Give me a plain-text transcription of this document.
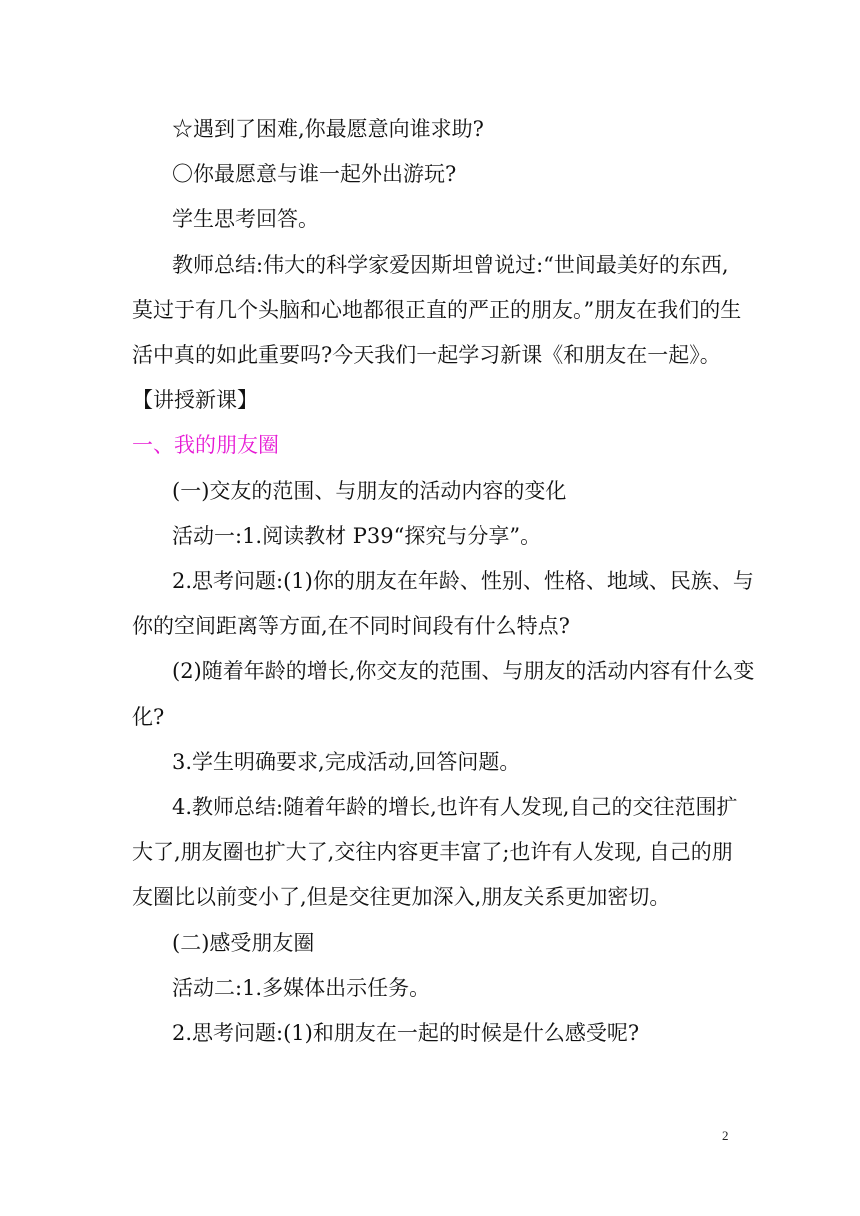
☆遇到了困难,你最愿意向谁求助?
〇你最愿意与谁一起外出游玩?
学生思考回答。
教师总结:伟大的科学家爱因斯坦曾说过:“世间最美好的东西,
莫过于有几个头脑和心地都很正直的严正的朋友。”朋友在我们的生
活中真的如此重要吗?今天我们一起学习新课《和朋友在一起》。
【讲授新课】
一、我的朋友圈
(一)交友的范围、与朋友的活动内容的变化
活动一:1.阅读教材 P39“探究与分享”。
2.思考问题:(1)你的朋友在年龄、性别、性格、地域、民族、与
你的空间距离等方面,在不同时间段有什么特点?
(2)随着年龄的增长,你交友的范围、与朋友的活动内容有什么变
化?
3.学生明确要求,完成活动,回答问题。
4.教师总结:随着年龄的增长,也许有人发现,自己的交往范围扩
大了,朋友圈也扩大了,交往内容更丰富了;也许有人发现, 自己的朋
友圈比以前变小了,但是交往更加深入,朋友关系更加密切。
(二)感受朋友圈
活动二:1.多媒体出示任务。
2.思考问题:(1)和朋友在一起的时候是什么感受呢?
2
